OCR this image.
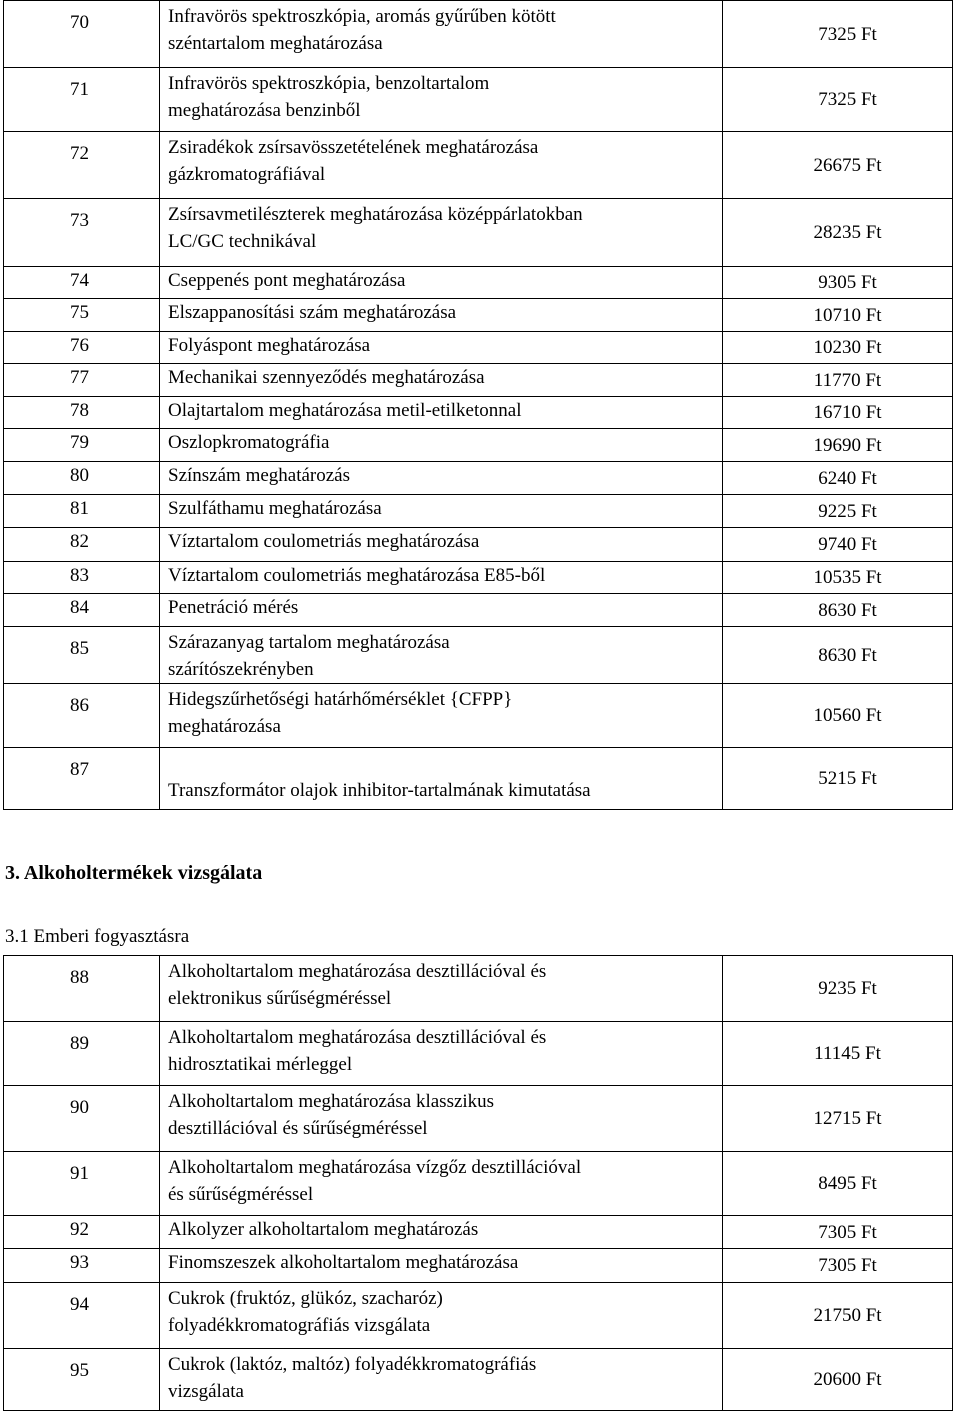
70	Infravörös spektroszkópia, aromás gyűrűben kötött
széntartalom meghatározása	7325 Ft
71	Infravörös spektroszkópia, benzoltartalom
meghatározása benzinből	7325 Ft
72	Zsiradékok zsírsavösszetételének meghatározása
gázkromatográfiával	26675 Ft
73	Zsírsavmetilészterek meghatározása középpárlatokban
LC/GC technikával	28235 Ft
74	Cseppenés pont meghatározása	9305 Ft
75	Elszappanosítási szám meghatározása	10710 Ft
76	Folyáspont meghatározása	10230 Ft
77	Mechanikai szennyeződés meghatározása	11770 Ft
78	Olajtartalom meghatározása metil-etilketonnal	16710 Ft
79	Oszlopkromatográfia	19690 Ft
80	Színszám meghatározás	6240 Ft
81	Szulfáthamu meghatározása	9225 Ft
82	Víztartalom coulometriás meghatározása	9740 Ft
83	Víztartalom coulometriás meghatározása E85-ből	10535 Ft
84	Penetráció mérés	8630 Ft
85	Szárazanyag tartalom meghatározása
szárítószekrényben	8630 Ft
86	Hidegszűrhetőségi határhőmérséklet {CFPP}
meghatározása	10560 Ft
87	Transzformátor olajok inhibitor-tartalmának kimutatása	5215 Ft
3. Alkoholtermékek vizsgálata
3.1 Emberi fogyasztásra
88	Alkoholtartalom meghatározása desztillációval és
elektronikus sűrűségméréssel	9235 Ft
89	Alkoholtartalom meghatározása desztillációval és
hidrosztatikai mérleggel	11145 Ft
90	Alkoholtartalom meghatározása klasszikus
desztillációval és sűrűségméréssel	12715 Ft
91	Alkoholtartalom meghatározása vízgőz desztillációval
és sűrűségméréssel	8495 Ft
92	Alkolyzer alkoholtartalom meghatározás	7305 Ft
93	Finomszeszek alkoholtartalom meghatározása	7305 Ft
94	Cukrok (fruktóz, glükóz, szacharóz)
folyadékkromatográfiás vizsgálata	21750 Ft
95	Cukrok (laktóz, maltóz) folyadékkromatográfiás
vizsgálata	20600 Ft
